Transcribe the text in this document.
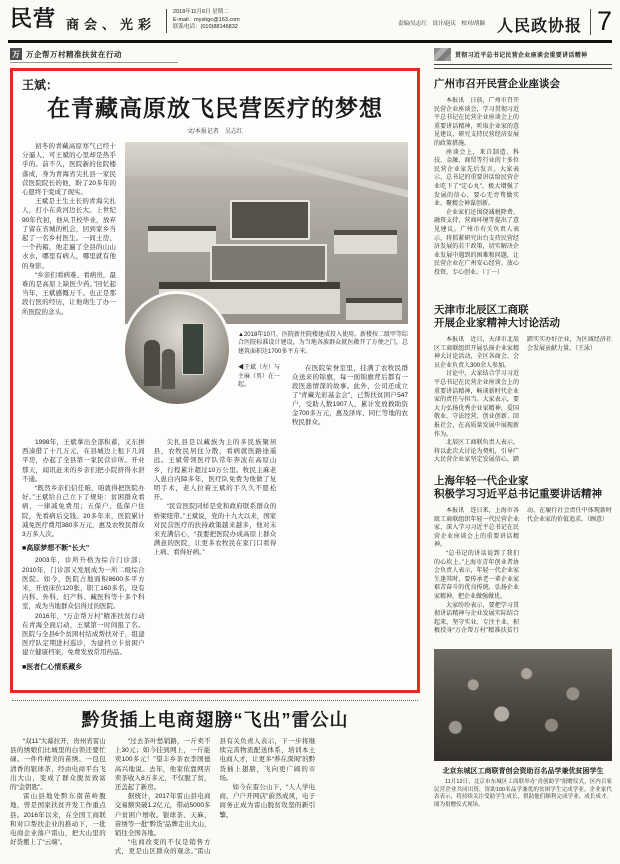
民营 商会、光彩
2018年11月6日 星期二
E-mail：myshgc@163.com
联系电话：(010)88146832	责编/吴志红　设计/赵庆　校对/胡颖 人民政协报 7
万 万企帮万村精准扶贫在行动
王斌：
在青藏高原放飞民营医疗的梦想
文/本报记者　吴志红

初冬的青藏高原寒气已经十分逼人，可王斌的心里却是热乎乎的。前不久，医院新的住院楼落成，身为青海省尖扎县一家民营医院院长的他，盼了20多年的心愿终于变成了现实。

王斌是土生土长的青海尖扎人，打小在黄河边长大。上世纪90年代初，他从卫校毕业，放弃了留在省城的机会，回到家乡当起了一名乡村医生。一间土房、一个药箱，他走遍了全县的山山水水，哪里有病人，哪里就有他的身影。

“乡亲们看病难、看病贵，最难的是高原上缺医少药。”回忆起当年，王斌感慨万千。也正是那段行医的经历，让他萌生了办一所医院的念头。

▲2018年10月，医院新住院楼建成投入使用。新楼按二级甲等综合医院标准设计建设，为当地各族群众就医敞开了方便之门，总建筑面积达1700多平方米。

◀王斌（左）与主麻（男）在一起。

在医院荣誉室里，挂满了农牧民群众送来的锦旗，每一面锦旗背后都有一段医患情深的故事。此外，公司还成立了“青藏光彩基金会”，已帮扶贫困户547户，受助人数1907人，累计发放救助资金700多万元，惠及泽库、同仁等地的农牧民群众。

1998年，王斌拿出全部积蓄，又东拼西凑借了十几万元，在县城边上租下几间平房，办起了全县第一家民营诊所。开业那天，闻讯赶来的乡亲们把小院挤得水泄不通。

“既然乡亲们信任咱，咱就得把医院办好。”王斌给自己立下了规矩：贫困群众看病，一律减免费用；五保户、低保户住院，先看病后交钱。20多年来，医院累计减免医疗费用380多万元，惠及农牧民群众3万多人次。

■高原梦想不断“长大”

2003年，诊所升格为综合门诊部；2010年，门诊部又发展成为一所二级综合医院。如今，医院占地面积8600多平方米，开放床位120张，职工160多名，设有内科、外科、妇产科、藏医科等十多个科室，成为当地群众信得过的医院。

2016年，“万企帮万村”精准扶贫行动在青海全面启动，王斌第一时间报了名。医院与全县6个贫困村结成帮扶对子，组建医疗队定期进村巡诊，为建档立卡贫困户建立健康档案，免费发放常用药品。

■医者仁心情系藏乡

尖扎县是以藏族为主的多民族聚居县，农牧民居住分散，看病就医路途遥远。王斌带领医疗队常年奔波在高原山乡，行程累计超过10万公里。牧民主麻老人患白内障多年，医疗队免费为他做了复明手术，老人拉着王斌的手久久不愿松开。

“民营医院同样是党和政府联系群众的桥梁纽带。”王斌说，党的十九大以来，国家对民营医疗的扶持政策越来越多，他对未来充满信心，“我要把医院办成高原上群众满意的医院，让更多农牧民在家门口看得上病、看得好病。”

黔货插上电商翅膀“飞出”雷公山

“双11”大幕拉开，贵州省雷山县的绣娘们比城里的白领还要忙碌。一件件精美的苗绣、一包包清香的银球茶，经由电商平台飞出大山，变成了群众脱贫致富的“金钥匙”。

雷山县地处黔东南苗岭腹地，曾是国家扶贫开发工作重点县。2016年以来，在全国工商联和对口帮扶企业的推动下，一批电商企业落户雷山，把大山里的好货搬上了“云端”。

“过去茶叶愁销路，一斤卖不上30元；如今挂到网上，一斤能卖100多元！”望丰乡茶农李国德高兴地说。去年，他家依靠网店卖茶收入8万多元，不仅脱了贫，还盖起了新房。

据统计，2017年雷山县电商交易额突破1.2亿元，带动5000多户贫困户增收。银球茶、天麻、苗绣等一批“黔货”品牌走出大山，销往全国各地。

“电商改变的不仅是销售方式，更是山区群众的观念。”雷山县有关负责人表示，下一步将继续完善物流配送体系，培训本土电商人才，让更多“养在深闺”的黔货插上翅膀，飞向更广阔的市场。

如今在雷公山下，“人人学电商、户户开网店”蔚然成风，电子商务正成为雷山脱贫攻坚的新引擎。

贯彻习近平总书记民营企业座谈会重要讲话精神
广州市召开民营企业座谈会

本报讯　日前，广州市召开民营企业座谈会，学习贯彻习近平总书记在民营企业座谈会上的重要讲话精神，听取企业家的意见建议，研究支持民营经济发展的政策措施。

座谈会上，来自制造、科技、金融、商贸等行业的十多位民营企业家先后发言。大家表示，总书记的重要讲话给民营企业吃下了“定心丸”，极大增强了发展的信心，要心无旁骛做实业、聚精会神谋创新。

企业家们还围绕减税降费、融资支持、营商环境等提出了意见建议。广州市有关负责人表示，将抓紧研究出台支持民营经济发展的若干政策，切实解决企业发展中遇到的困难和问题，让民营企业在广州安心经营、放心投资、专心创业。（丁一）

天津市北辰区工商联
开展企业家精神大讨论活动

本报讯　近日，天津市北辰区工商联组织开展弘扬企业家精神大讨论活动，全区各商会、会员企业负责人300余人参加。

讨论中，大家结合学习习近平总书记在民营企业座谈会上的重要讲话精神，畅谈新时代企业家的责任与担当。大家表示，要大力弘扬优秀企业家精神，爱国敬业、守法经营、创业创新、回报社会，在高质量发展中展现新作为。

北辰区工商联负责人表示，将以此次大讨论为契机，引导广大民营企业家坚定发展信心，踏踏实实办好企业，为区域经济社会发展贡献力量。（王泳）

上海年轻一代企业家
积极学习习近平总书记重要讲话精神

本报讯　连日来，上海市各级工商联组织年轻一代民营企业家，深入学习习近平总书记在民营企业座谈会上的重要讲话精神。

“总书记的讲话说到了我们的心坎上。”上海市青年创业者协会负责人表示，年轻一代企业家生逢其时，要传承老一辈企业家艰苦奋斗的优良传统，弘扬企业家精神，把企业做强做优。

大家纷纷表示，要把学习贯彻讲话精神与企业发展实际结合起来，坚守实业、专注主业，积极投身“万企帮万村”精准扶贫行动，在履行社会责任中体现新时代企业家的价值追求。（顾意）

北京东城区工商联青创会资助百名品学兼优贫困学生

11月12日，北京市东城区工商联举办“青创助学”捐赠仪式，区内百家民营企业共同出资，资助100名品学兼优的贫困学生完成学业。企业家代表表示，将持续关注受助学生成长，帮助他们顺利完成学业、成长成才。图为捐赠仪式现场。
